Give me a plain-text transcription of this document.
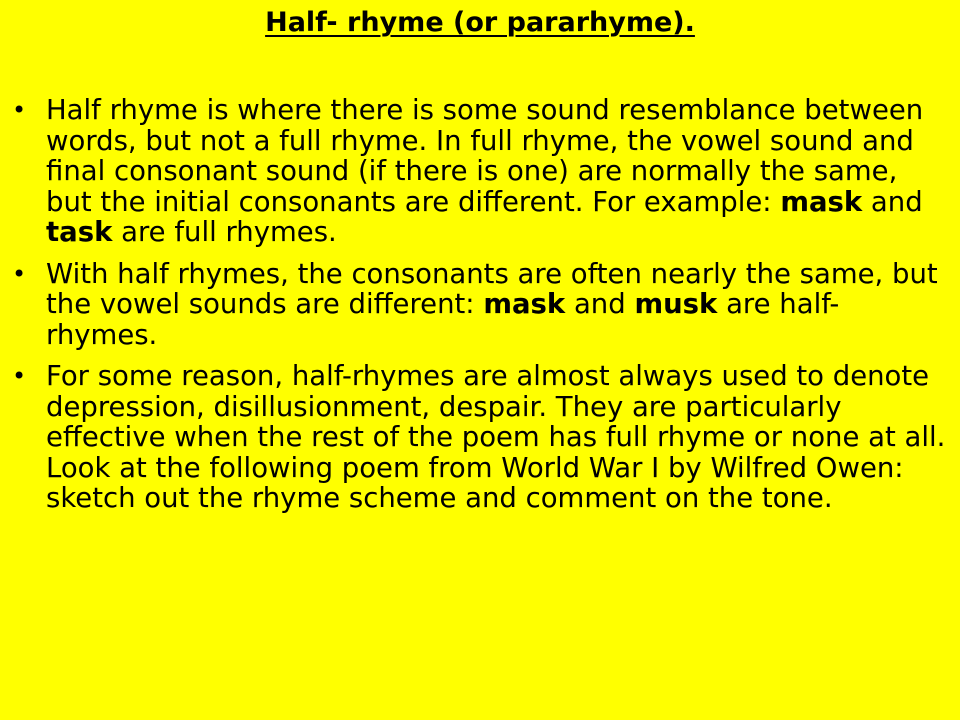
Half- rhyme (or pararhyme).
• Half rhyme is where there is some sound resemblance between words, but not a full rhyme. In full rhyme, the vowel sound and final consonant sound (if there is one) are normally the same, but the initial consonants are different. For example: mask and task are full rhymes.
• With half rhymes, the consonants are often nearly the same, but the vowel sounds are different: mask and musk are half-rhymes.
• For some reason, half-rhymes are almost always used to denote depression, disillusionment, despair. They are particularly effective when the rest of the poem has full rhyme or none at all. Look at the following poem from World War I by Wilfred Owen: sketch out the rhyme scheme and comment on the tone.
